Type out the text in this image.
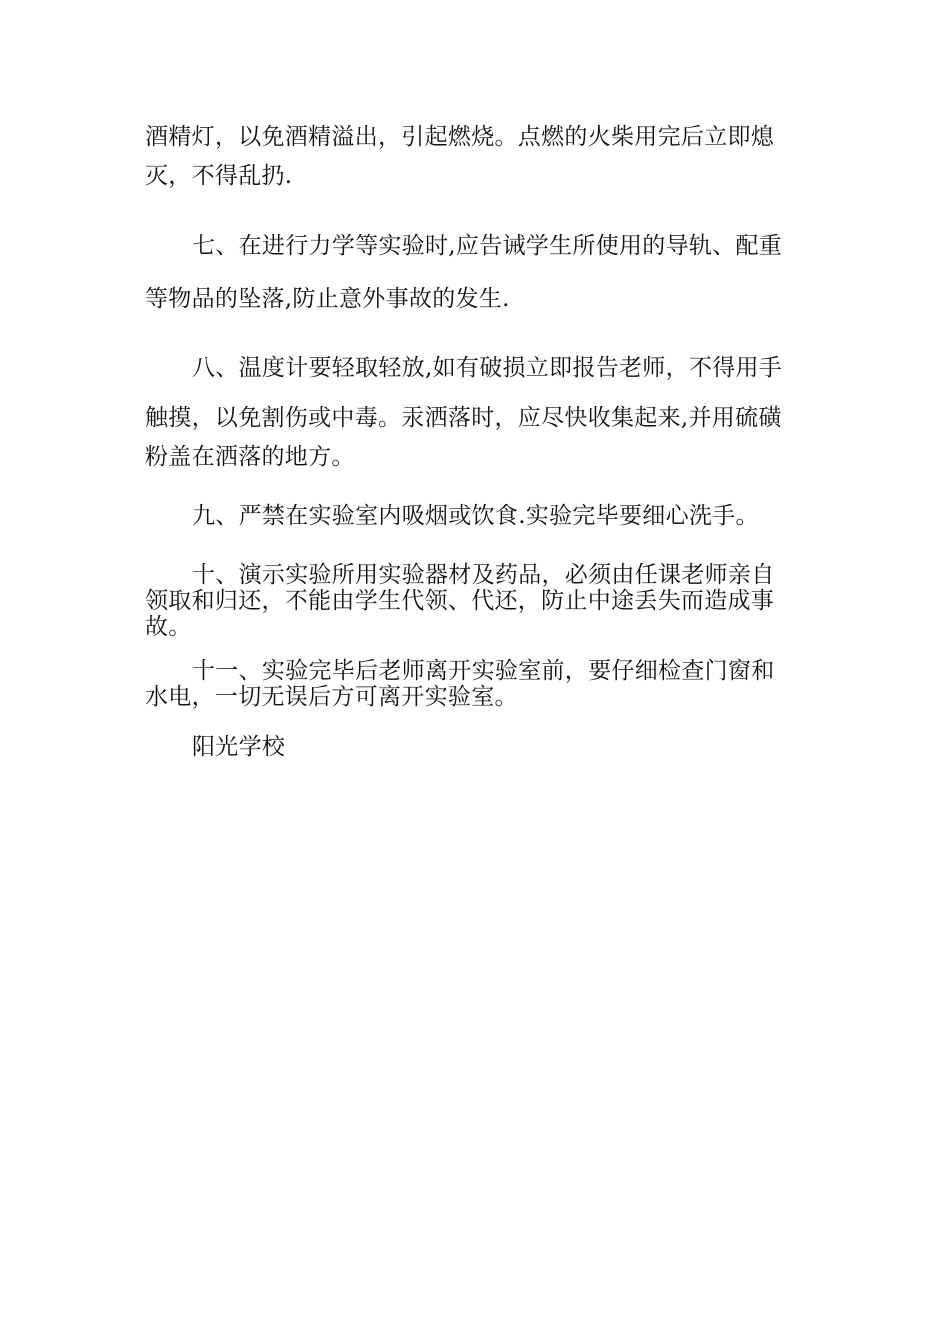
酒精灯，以免酒精溢出，引起燃烧。点燃的火柴用完后立即熄
灭，不得乱扔.
七、在进行力学等实验时,应告诫学生所使用的导轨、配重
等物品的坠落,防止意外事故的发生.
八、温度计要轻取轻放,如有破损立即报告老师，不得用手
触摸，以免割伤或中毒。汞洒落时，应尽快收集起来,并用硫磺
粉盖在洒落的地方。
九、严禁在实验室内吸烟或饮食.实验完毕要细心洗手。
十、演示实验所用实验器材及药品，必须由任课老师亲自
领取和归还，不能由学生代领、代还，防止中途丢失而造成事
故。
十一、实验完毕后老师离开实验室前，要仔细检查门窗和
水电，一切无误后方可离开实验室。
阳光学校
